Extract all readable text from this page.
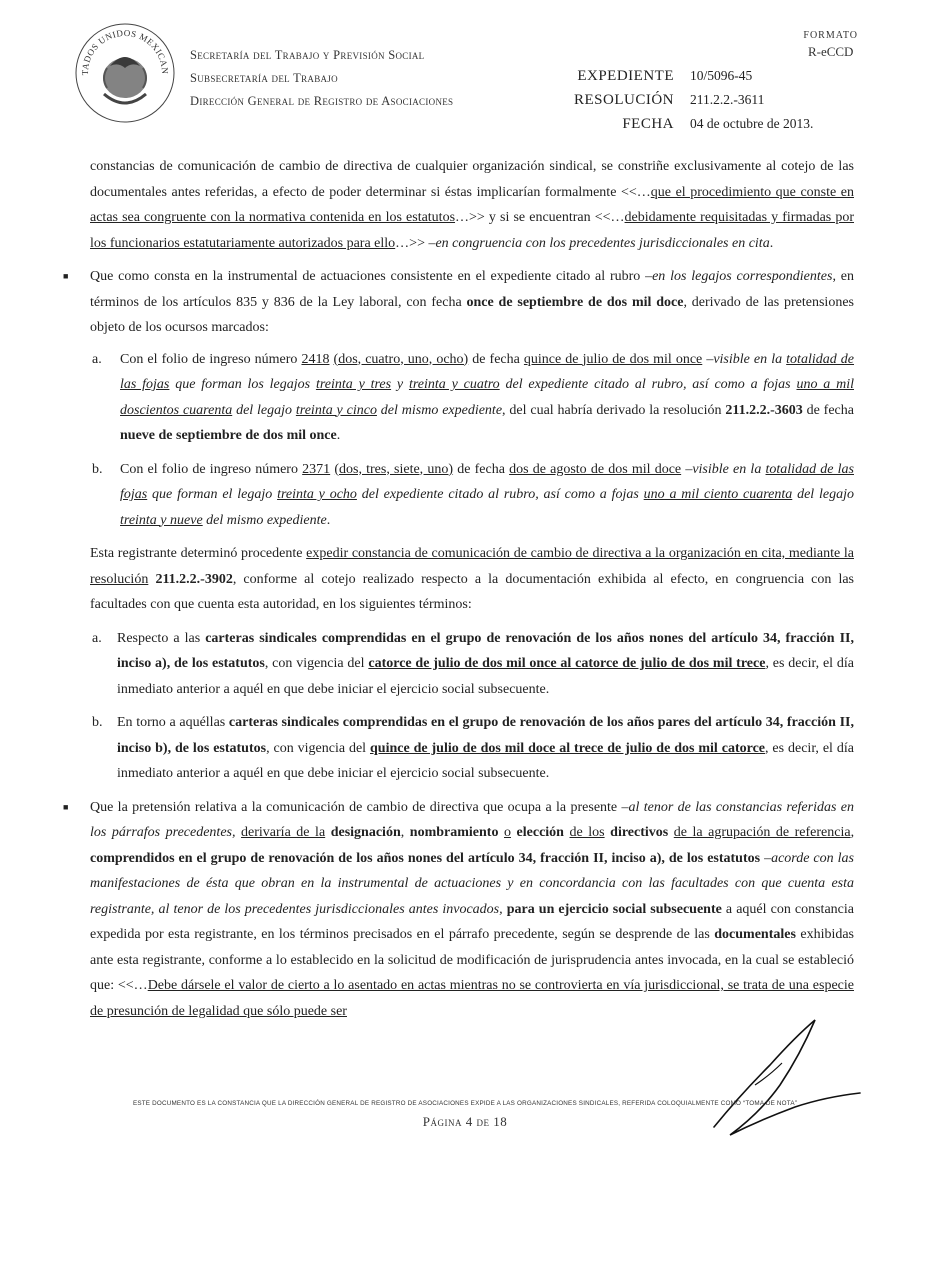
TADOS UNIDOS MEXICAN
Secretaría del Trabajo y Previsión Social
Subsecretaría del Trabajo
Dirección General de Registro de Asociaciones
FORMATO
R-eCCD
EXPEDIENTE 10/5096-45
RESOLUCIÓN 211.2.2.-3611
FECHA 04 de octubre de 2013.

constancias de comunicación de cambio de directiva de cualquier organización sindical, se constriñe exclusivamente al cotejo de las documentales antes referidas, a efecto de poder determinar si éstas implicarían formalmente <<…que el procedimiento que conste en actas sea congruente con la normativa contenida en los estatutos…>> y si se encuentran <<…debidamente requisitadas y firmadas por los funcionarios estatutariamente autorizados para ello…>> –en congruencia con los precedentes jurisdiccionales en cita.

■ Que como consta en la instrumental de actuaciones consistente en el expediente citado al rubro –en los legajos correspondientes, en términos de los artículos 835 y 836 de la Ley laboral, con fecha once de septiembre de dos mil doce, derivado de las pretensiones objeto de los ocursos marcados:

a. Con el folio de ingreso número 2418 (dos, cuatro, uno, ocho) de fecha quince de julio de dos mil once –visible en la totalidad de las fojas que forman los legajos treinta y tres y treinta y cuatro del expediente citado al rubro, así como a fojas uno a mil doscientos cuarenta del legajo treinta y cinco del mismo expediente, del cual habría derivado la resolución 211.2.2.-3603 de fecha nueve de septiembre de dos mil once.

b. Con el folio de ingreso número 2371 (dos, tres, siete, uno) de fecha dos de agosto de dos mil doce –visible en la totalidad de las fojas que forman el legajo treinta y ocho del expediente citado al rubro, así como a fojas uno a mil ciento cuarenta del legajo treinta y nueve del mismo expediente.

Esta registrante determinó procedente expedir constancia de comunicación de cambio de directiva a la organización en cita, mediante la resolución 211.2.2.-3902, conforme al cotejo realizado respecto a la documentación exhibida al efecto, en congruencia con las facultades con que cuenta esta autoridad, en los siguientes términos:

a. Respecto a las carteras sindicales comprendidas en el grupo de renovación de los años nones del artículo 34, fracción II, inciso a), de los estatutos, con vigencia del catorce de julio de dos mil once al catorce de julio de dos mil trece, es decir, el día inmediato anterior a aquél en que debe iniciar el ejercicio social subsecuente.

b. En torno a aquéllas carteras sindicales comprendidas en el grupo de renovación de los años pares del artículo 34, fracción II, inciso b), de los estatutos, con vigencia del quince de julio de dos mil doce al trece de julio de dos mil catorce, es decir, el día inmediato anterior a aquél en que debe iniciar el ejercicio social subsecuente.

■ Que la pretensión relativa a la comunicación de cambio de directiva que ocupa a la presente –al tenor de las constancias referidas en los párrafos precedentes, derivaría de la designación, nombramiento o elección de los directivos de la agrupación de referencia, comprendidos en el grupo de renovación de los años nones del artículo 34, fracción II, inciso a), de los estatutos –acorde con las manifestaciones de ésta que obran en la instrumental de actuaciones y en concordancia con las facultades con que cuenta esta registrante, al tenor de los precedentes jurisdiccionales antes invocados, para un ejercicio social subsecuente a aquél con constancia expedida por esta registrante, en los términos precisados en el párrafo precedente, según se desprende de las documentales exhibidas ante esta registrante, conforme a lo establecido en la solicitud de modificación de jurisprudencia antes invocada, en la cual se estableció que: <<…Debe dársele el valor de cierto a lo asentado en actas mientras no se controvierta en vía jurisdiccional, se trata de una especie de presunción de legalidad que sólo puede ser

ESTE DOCUMENTO ES LA CONSTANCIA QUE LA DIRECCIÓN GENERAL DE REGISTRO DE ASOCIACIONES EXPIDE A LAS ORGANIZACIONES SINDICALES, REFERIDA COLOQUIALMENTE COMO “TOMA DE NOTA”
Página 4 de 18
